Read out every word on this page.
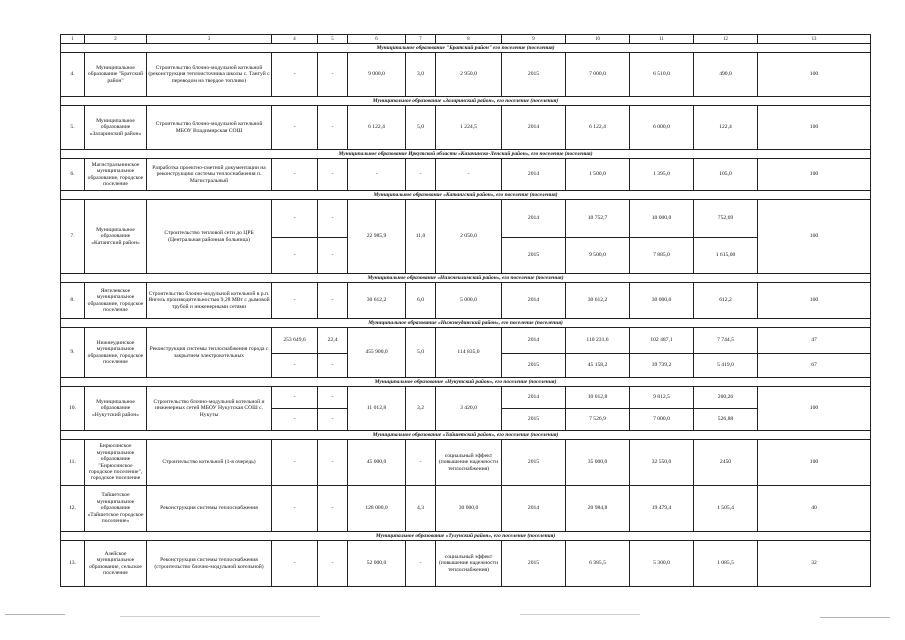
1	2	3	4	5	6	7	8	9	10	11	12	13
Муниципальное образование "Братский район" его поселение (поселения)												
4.	Муниципальное образование "Братский район"	Строительство блочно-модульной котельной (реконструкция теплоисточника школы с. Тангуй с переводом на твердое топливо)	-	-	9 000,0	3,0	2 950,0	2015	7 000,0	6 510,0	490,0	100
Муниципальное образование «Заларинский район», его поселение (поселения)												
5.	Муниципальное образование «Заларинский район»	Строительство блочно-модульной котельной МБОУ Владимирская СОШ	-	-	6 122,4	5,0	1 224,5	2014	6 122,4	6 000,0	122,4	100
Муниципальное образование Иркутской области «Казачинско-Ленский район», его поселение (поселения)												
6.	Магистральнинское муниципальное образование, городское поселение	Разработка проектно-сметной документации на реконструкцию системы теплоснабжения п. Магистральный	-	-	-	-	-	2014	1 500,0	1 395,0	105,0	100
Муниципальное образование «Катангский район», его поселение (поселения)												
7.	Муниципальное образование «Катангский район»	Строительство тепловой сети до ЦРБ (Центральная районная больница)	-	-	22 985,9	11,0	2 050,0	2014	10 752,7	10 000,0	752,69	100
			-	-				2015	9 500,0	7 885,0	1 615,00	
Муниципальное образование «Нижнеилимский район», его поселение (поселения)												
8.	Янгелевское муниципальное образование, городское поселение	Строительство блочно-модульной котельной в р.п. Янгель производительностью 9,28 МВт с дымовой трубой и инженерными сетями	-	-	30 612,2	6,0	5 000,0	2014	30 612,2	30 000,0	612,2	100
Муниципальное образование «Нижнеудинский район», его поселение (поселения)												
9.	Нижнеудинское муниципальное образование, городское поселение	Реконструкция системы теплоснабжения города с закрытием электрокотельных	253 649,6	22,4	455 900,0	5,0	114 835,0	2014	110 231,6	102 487,1	7 744,5	47
			-	-				2015	45 158,2	39 739,2	5 419,0	67
Муниципальное образование «Нукутский район», его поселение (поселения)												
10.	Муниципальное образование «Нукутский район»	Строительство блочно-модульной котельной и инженерных сетей МБОУ Нукутская СОШ с. Нукуты	-	-	11 012,8	3,2	3 420,0	2014	10 012,8	9 812,5	200,26	100
			-	-				2015	7 526,9	7 000,0	526,88	
Муниципальное образование «Тайшетский район», его поселение (поселения)												
11.	Бирюсинское муниципальное образование "Бирюсинское городское поселение", городское поселение	Строительство котельной (1-я очередь)	-	-	45 000,0	-	социальный эффект (повышение надежности теплоснабжения)	2015	35 000,0	32 550,0	2450	100
12.	Тайшетское муниципальное образование «Тайшетское городское поселение»	Реконструкция системы теплоснабжения	-	-	128 000,0	4,3	30 000,0	2014	20 984,8	19 479,4	1 505,4	40
Муниципальное образование «Тулунский район», его поселение (поселения)												
13.	Азейское муниципальное образование, сельское поселение	Реконструкция системы теплоснабжения (строительство блочно-модульной котельной)	-	-	52 000,0	-	социальный эффект (повышение надежности теплоснабжения)	2015	6 385,5	5 300,0	1 085,5	32
